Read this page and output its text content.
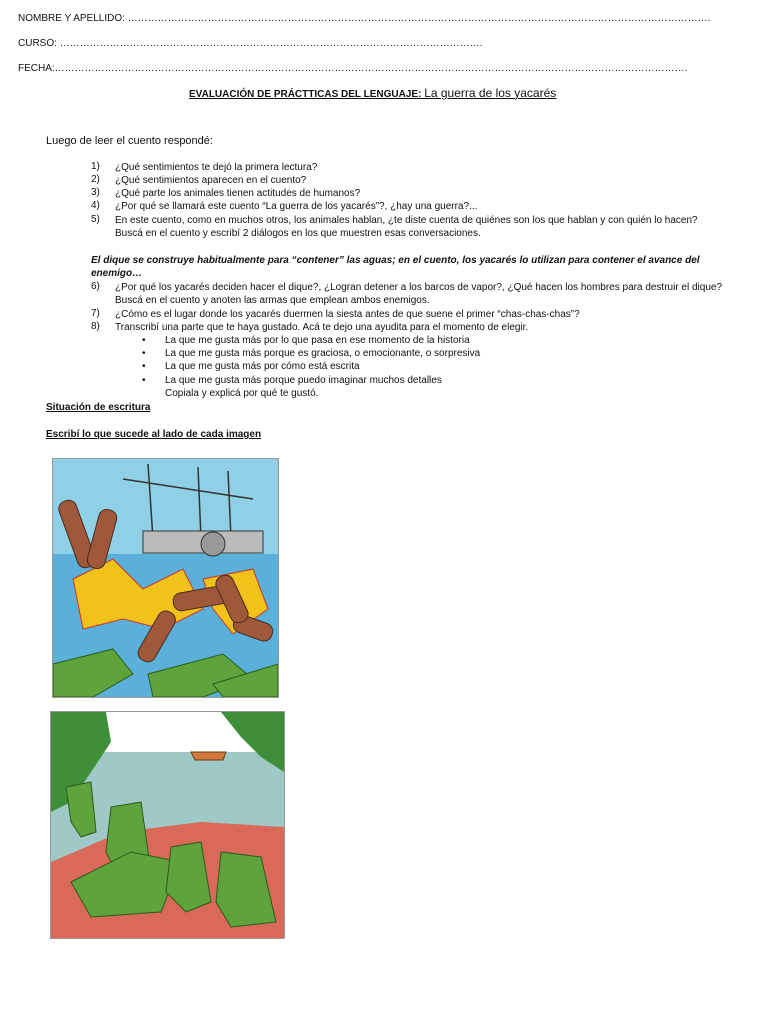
NOMBRE Y APELLIDO: ………………………………………………………………………………………………………………………………………………………….
CURSO: ……………………………………………………………………………………………………………….
FECHA:……………………………………………………………………………………………………………………………………………………………………….
EVALUACIÓN DE PRÁCTTICAS DEL LENGUAJE: La guerra de los yacarés
Luego de leer el cuento respondé:
1)	¿Qué sentimientos te dejó la primera lectura?
2)	¿Qué sentimientos aparecen en el cuento?
3)	¿Qué parte los animales tienen actitudes de humanos?
4)	¿Por qué se llamará este cuento “La guerra de los yacarés”?, ¿hay una guerra?...
5)	En este cuento, como en muchos otros, los animales hablan, ¿te diste cuenta de quiénes son los que hablan y con quién lo hacen? Buscá en el cuento y escribí 2 diálogos en los que muestren esas conversaciones.
El dique se construye habitualmente para “contener” las aguas; en el cuento, los yacarés lo utilizan para contener el avance del enemigo…
6)	¿Por qué los yacarés deciden hacer el dique?, ¿Logran detener a los barcos de vapor?, ¿Qué hacen los hombres para destruir el dique? Buscá en el cuento y anoten las armas que emplean ambos enemigos.
7)	¿Cómo es el lugar donde los yacarés duermen la siesta antes de que suene el primer “chas-chas-chas”?
8)	Transcribí una parte que te haya gustado. Acá te dejo una ayudita para el momento de elegir.
• La que me gusta más por lo que pasa en ese momento de la historia
• La que me gusta más porque es graciosa, o emocionante, o sorpresiva
• La que me gusta más por cómo está escrita
• La que me gusta más porque puedo imaginar muchos detalles
Copiala y explicá por qué te gustó.
Situación de escritura
Escribí lo que sucede al lado de cada imagen
